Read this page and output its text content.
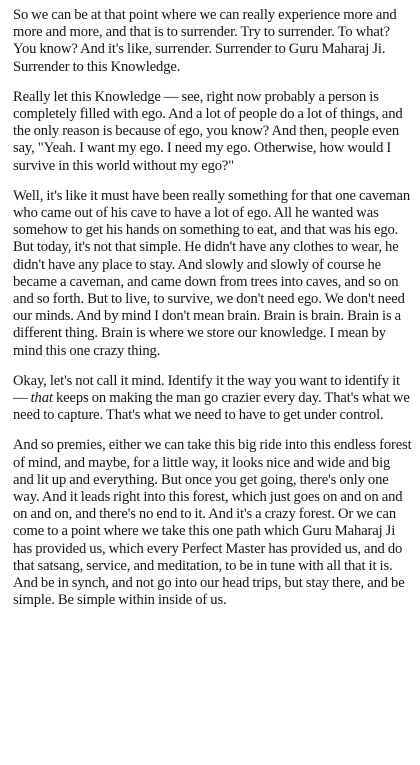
So we can be at that point where we can really experience more and more and more, and that is to surrender. Try to surrender. To what? You know? And it's like, surrender. Surrender to Guru Maharaj Ji. Surrender to this Knowledge.

Really let this Knowledge — see, right now probably a person is completely filled with ego. And a lot of people do a lot of things, and the only reason is because of ego, you know? And then, people even say, "Yeah. I want my ego. I need my ego. Otherwise, how would I survive in this world without my ego?"

Well, it's like it must have been really something for that one caveman who came out of his cave to have a lot of ego. All he wanted was somehow to get his hands on something to eat, and that was his ego. But today, it's not that simple. He didn't have any clothes to wear, he didn't have any place to stay. And slowly and slowly of course he became a caveman, and came down from trees into caves, and so on and so forth. But to live, to survive, we don't need ego. We don't need our minds. And by mind I don't mean brain. Brain is brain. Brain is a different thing. Brain is where we store our knowledge. I mean by mind this one crazy thing.

Okay, let's not call it mind. Identify it the way you want to identify it — that keeps on making the man go crazier every day. That's what we need to capture. That's what we need to have to get under control.

And so premies, either we can take this big ride into this endless forest of mind, and maybe, for a little way, it looks nice and wide and big and lit up and everything. But once you get going, there's only one way. And it leads right into this forest, which just goes on and on and on and on, and there's no end to it. And it's a crazy forest. Or we can come to a point where we take this one path which Guru Maharaj Ji has provided us, which every Perfect Master has provided us, and do that satsang, service, and meditation, to be in tune with all that it is. And be in synch, and not go into our head trips, but stay there, and be simple. Be simple within inside of us.
